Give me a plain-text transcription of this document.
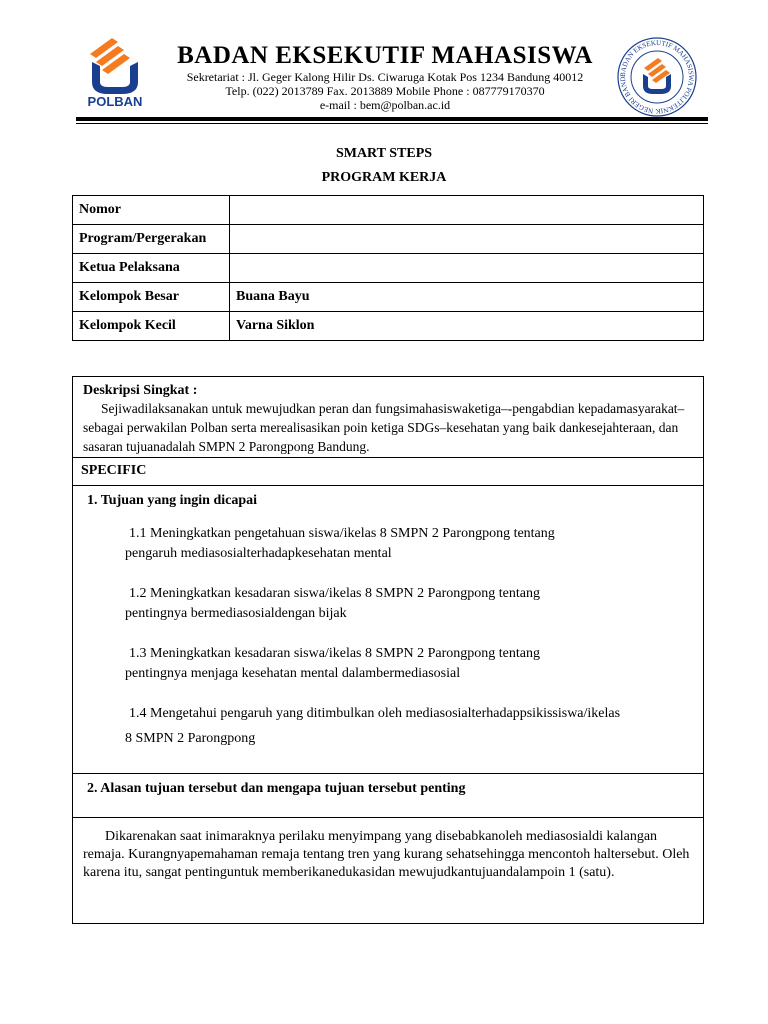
POLBAN
BADAN EKSEKUTIF MAHASISWA
Sekretariat : Jl. Geger Kalong Hilir Ds. Ciwaruga Kotak Pos 1234 Bandung 40012
Telp. (022) 2013789 Fax. 2013889 Mobile Phone : 087779170370
e-mail : bem@polban.ac.id
BADAN EKSEKUTIF MAHASISWA POLITEKNIK NEGERI BAND
SMART STEPS
PROGRAM KERJA
Nomor	
Program/Pergerakan	
Ketua Pelaksana	
Kelompok Besar	Buana Bayu
Kelompok Kecil	Varna Siklon
Deskripsi Singkat :
Sejiwadilaksanakan untuk mewujudkan peran dan fungsimahasiswaketiga–-pengabdian kepadamasyarakat– sebagai perwakilan Polban serta merealisasikan poin ketiga SDGs–kesehatan yang baik dankesejahteraan, dan sasaran tujuanadalah SMPN 2 Parongpong Bandung.
SPECIFIC
1. Tujuan yang ingin dicapai
1.1 Meningkatkan pengetahuan siswa/ikelas 8 SMPN 2 Parongpong tentang
pengaruh mediasosialterhadapkesehatan mental
1.2 Meningkatkan kesadaran siswa/ikelas 8 SMPN 2 Parongpong tentang
pentingnya bermediasosialdengan bijak
1.3 Meningkatkan kesadaran siswa/ikelas 8 SMPN 2 Parongpong tentang
pentingnya menjaga kesehatan mental dalambermediasosial
1.4 Mengetahui pengaruh yang ditimbulkan oleh mediasosialterhadappsikissiswa/ikelas
8 SMPN 2 Parongpong
2. Alasan tujuan tersebut dan mengapa tujuan tersebut penting
Dikarenakan saat inimaraknya perilaku menyimpang yang disebabkanoleh mediasosialdi kalangan remaja. Kurangnyapemahaman remaja tentang tren yang kurang sehatsehingga mencontoh haltersebut. Oleh karena itu, sangat pentinguntuk memberikanedukasidan mewujudkantujuandalampoin 1 (satu).
